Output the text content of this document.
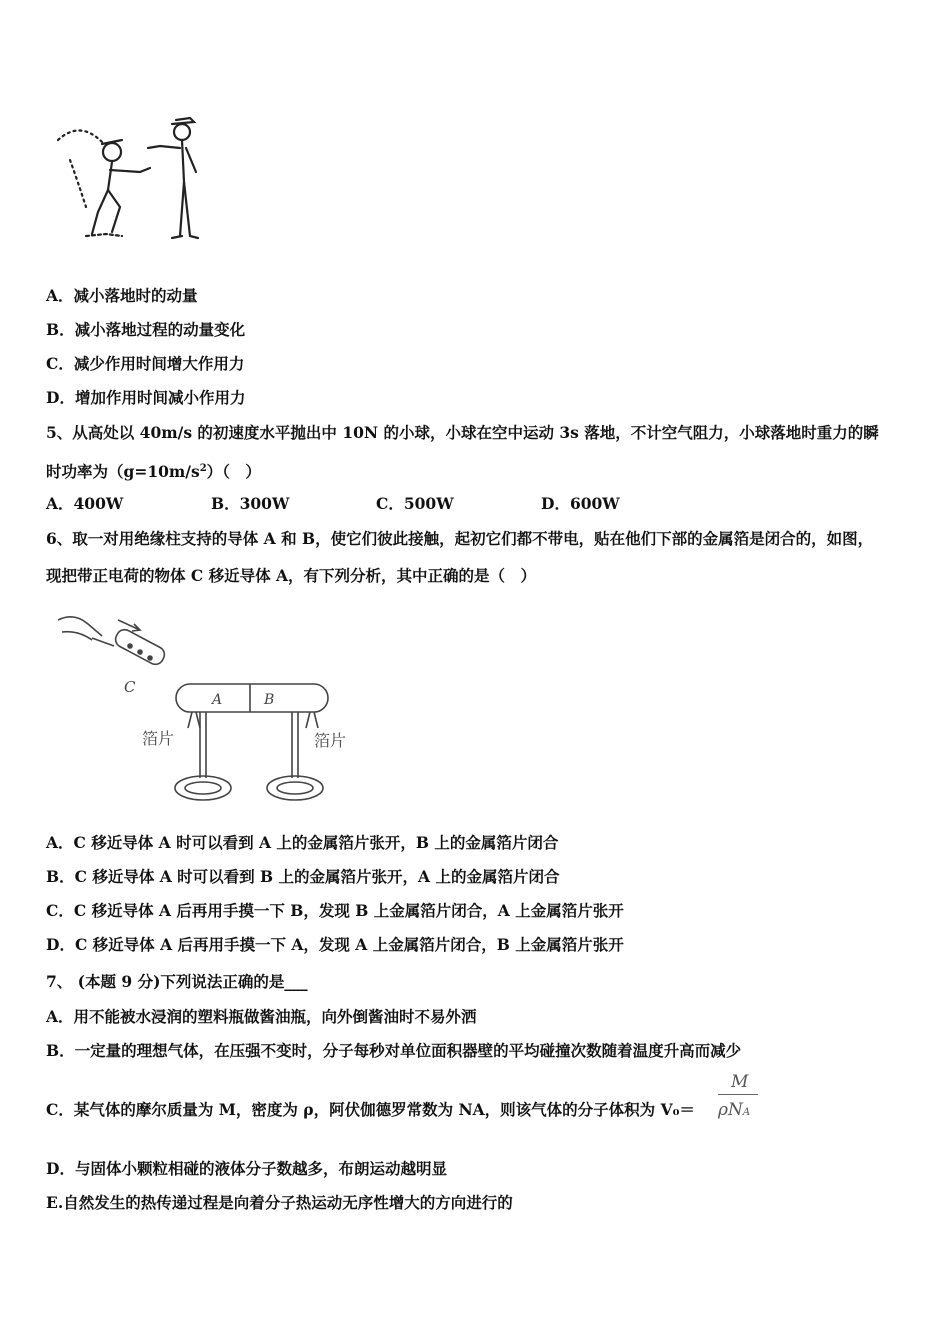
A．减小落地时的动量
B．减小落地过程的动量变化
C．减少作用时间增大作用力
D．增加作用时间减小作用力
5、从高处以 40m/s 的初速度水平抛出中 10N 的小球，小球在空中运动 3s 落地，不计空气阻力，小球落地时重力的瞬
时功率为$(g=10m/s^2)$（　）
A．400W	B．300W	C．500W	D．600W
6、取一对用绝缘柱支持的导体 A 和 B，使它们彼此接触，起初它们都不带电，贴在他们下部的金属箔是闭合的，如图，
现把带正电荷的物体 C 移近导体 A，有下列分析，其中正确的是（　）
C
A	B
箔片	箔片
A．C 移近导体 A 时可以看到 A 上的金属箔片张开，B 上的金属箔片闭合
B．C 移近导体 A 时可以看到 B 上的金属箔片张开，A 上的金属箔片闭合
C．C 移近导体 A 后再用手摸一下 B，发现 B 上金属箔片闭合，A 上金属箔片张开
D．C 移近导体 A 后再用手摸一下 A，发现 A 上金属箔片闭合，B 上金属箔片张开
7、 (本题 9 分)下列说法正确的是___
A．用不能被水浸润的塑料瓶做酱油瓶，向外倒酱油时不易外洒
B．一定量的理想气体，在压强不变时，分子每秒对单位面积器壁的平均碰撞次数随着温度升高而减少
C．某气体的摩尔质量为 M，密度为 ρ，阿伏伽德罗常数为 NA，则该气体的分子体积为 V₀＝
M
ρNA
D．与固体小颗粒相碰的液体分子数越多，布朗运动越明显
E.自然发生的热传递过程是向着分子热运动无序性增大的方向进行的
